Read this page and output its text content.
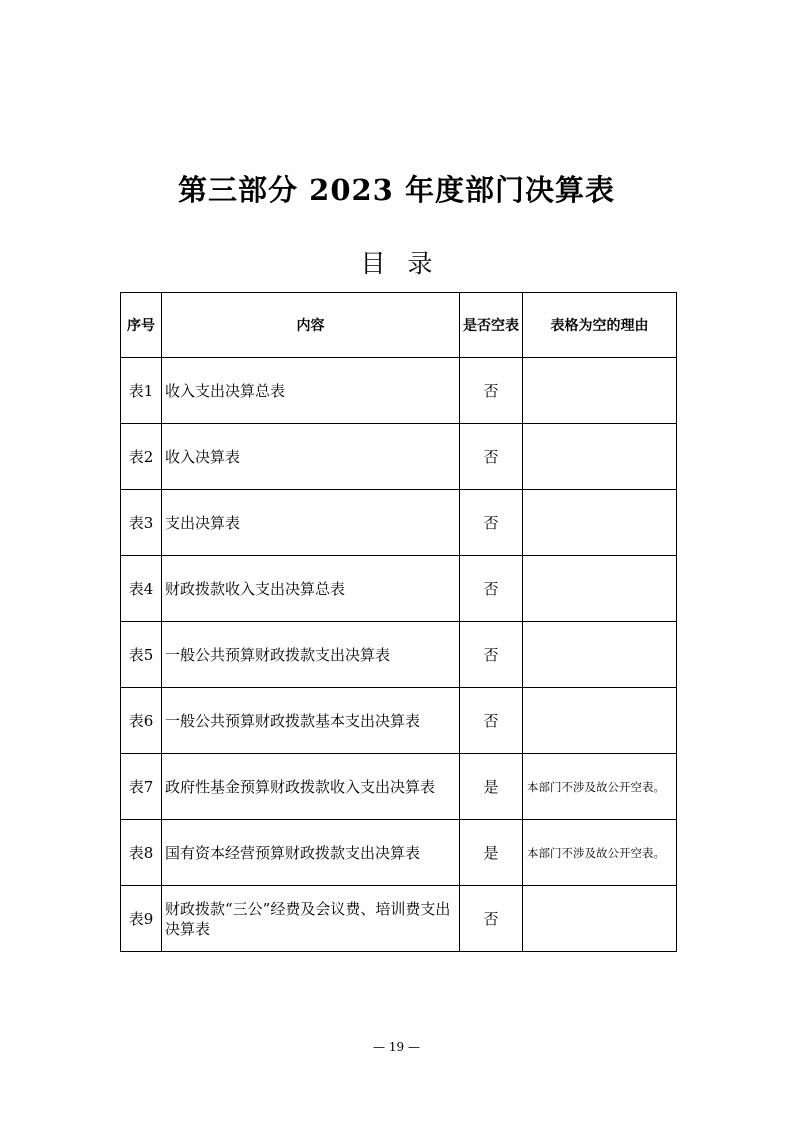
第三部分 2023 年度部门决算表
目录
序号	内容	是否空表	表格为空的理由
表1	收入支出决算总表	否	
表2	收入决算表	否	
表3	支出决算表	否	
表4	财政拨款收入支出决算总表	否	
表5	一般公共预算财政拨款支出决算表	否	
表6	一般公共预算财政拨款基本支出决算表	否	
表7	政府性基金预算财政拨款收入支出决算表	是	本部门不涉及故公开空表。
表8	国有资本经营预算财政拨款支出决算表	是	本部门不涉及故公开空表。
表9	财政拨款“三公”经费及会议费、培训费支出决算表	否	
— 19 —
